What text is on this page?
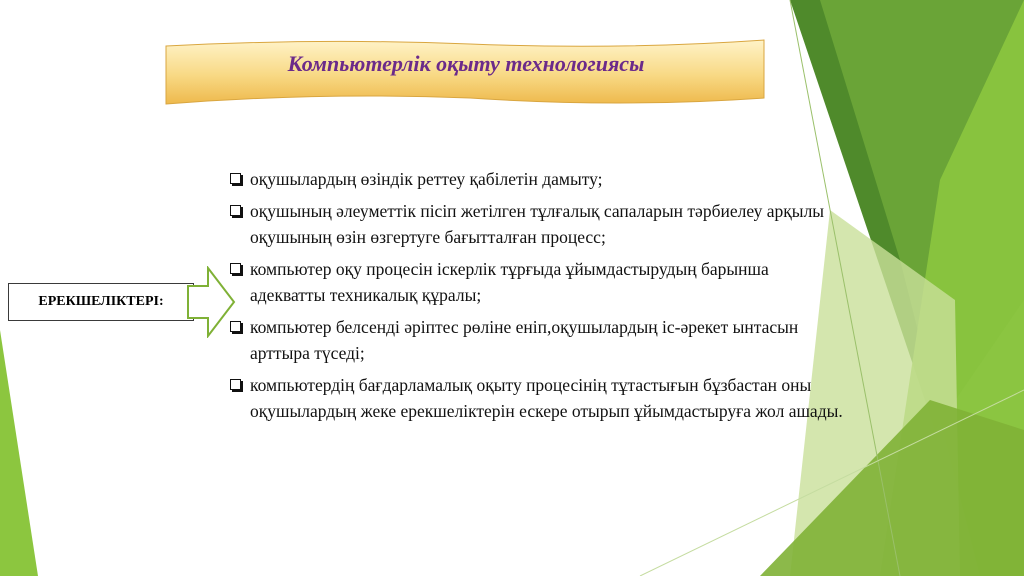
Компьютерлік оқыту технологиясы
ЕРЕКШЕЛІКТЕРІ:
оқушылардың өзіндік реттеу қабілетін дамыту;
оқушының әлеуметтік пісіп жетілген тұлғалық сапаларын тәрбиелеу арқылы оқушының өзін өзгертуге бағытталған процесс;
компьютер оқу процесін іскерлік тұрғыда ұйымдастырудың барынша адекватты техникалық құралы;
компьютер белсенді әріптес рөліне еніп,оқушылардың іс-әрекет ынтасын арттыра түседі;
компьютердің бағдарламалық оқыту процесінің тұтастығын бұзбастан оны оқушылардың жеке ерекшеліктерін ескере отырып ұйымдастыруға жол ашады.
